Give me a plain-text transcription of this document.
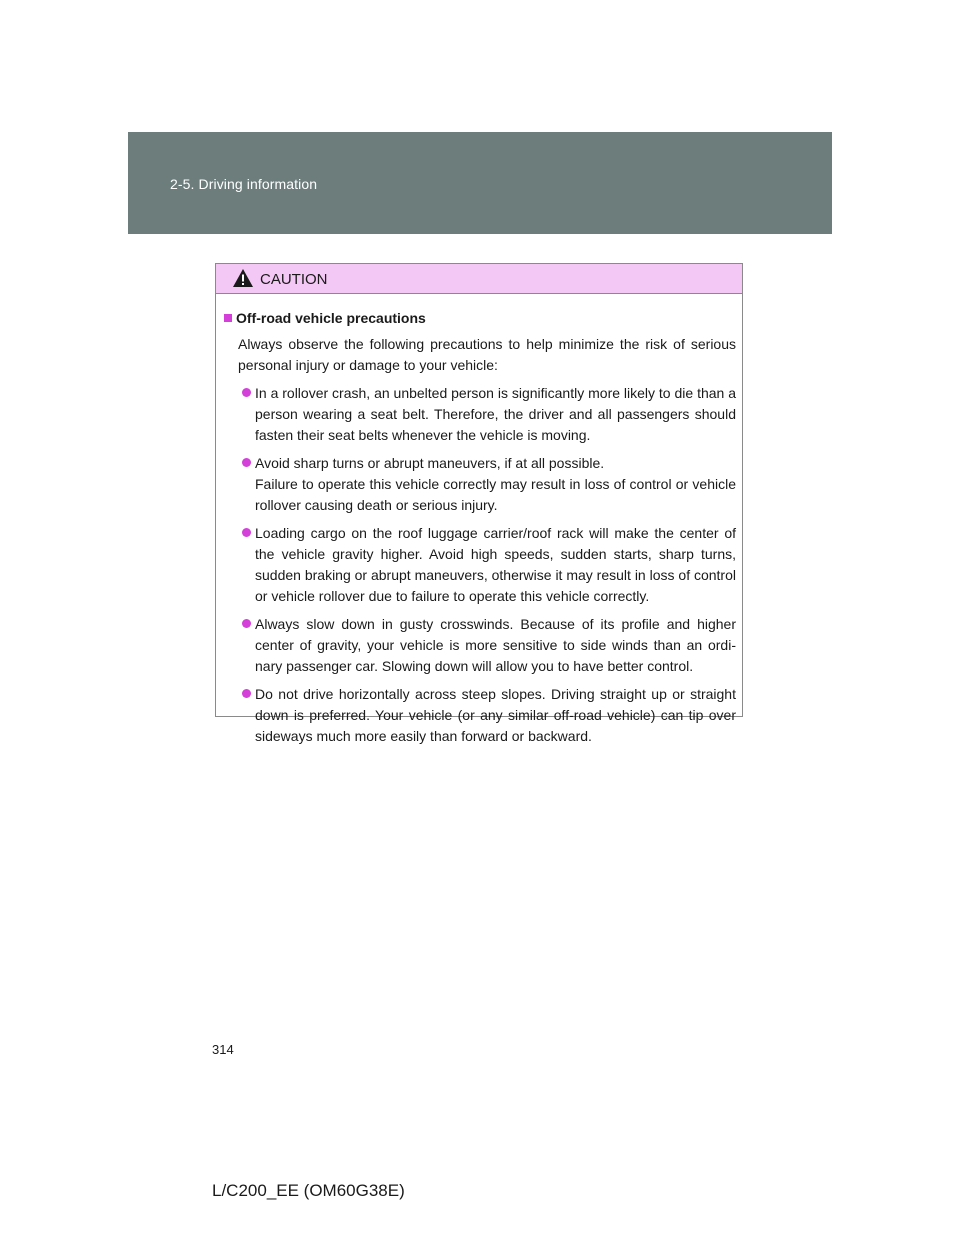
2-5. Driving information
CAUTION
Off-road vehicle precautions
Always observe the following precautions to help minimize the risk of serious personal injury or damage to your vehicle:
In a rollover crash, an unbelted person is significantly more likely to die than a person wearing a seat belt. Therefore, the driver and all passengers should fasten their seat belts whenever the vehicle is moving.
Avoid sharp turns or abrupt maneuvers, if at all possible.
Failure to operate this vehicle correctly may result in loss of control or vehicle rollover causing death or serious injury.
Loading cargo on the roof luggage carrier/roof rack will make the center of the vehicle gravity higher. Avoid high speeds, sudden starts, sharp turns, sudden braking or abrupt maneuvers, otherwise it may result in loss of control or vehicle rollover due to failure to operate this vehicle correctly.
Always slow down in gusty crosswinds. Because of its profile and higher center of gravity, your vehicle is more sensitive to side winds than an ordi-nary passenger car. Slowing down will allow you to have better control.
Do not drive horizontally across steep slopes. Driving straight up or straight down is preferred. Your vehicle (or any similar off-road vehicle) can tip over sideways much more easily than forward or backward.
314
L/C200_EE (OM60G38E)
